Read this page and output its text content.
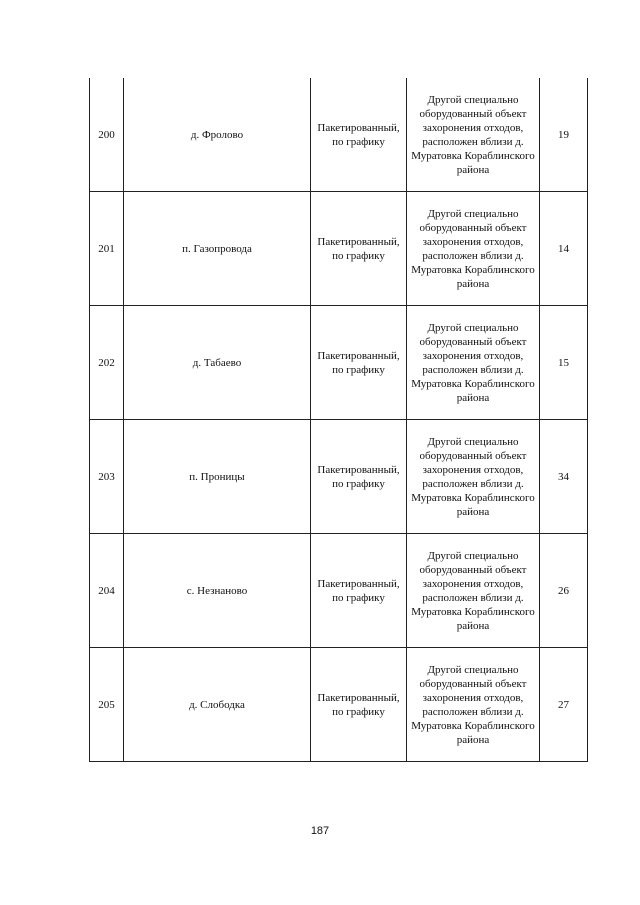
200	д. Фролово	Пакетированный, по графику	Другой специально оборудованный объект захоронения отходов, расположен вблизи д. Муратовка Кораблинского района	19
201	п. Газопровода	Пакетированный, по графику	Другой специально оборудованный объект захоронения отходов, расположен вблизи д. Муратовка Кораблинского района	14
202	д. Табаево	Пакетированный, по графику	Другой специально оборудованный объект захоронения отходов, расположен вблизи д. Муратовка Кораблинского района	15
203	п. Проницы	Пакетированный, по графику	Другой специально оборудованный объект захоронения отходов, расположен вблизи д. Муратовка Кораблинского района	34
204	с. Незнаново	Пакетированный, по графику	Другой специально оборудованный объект захоронения отходов, расположен вблизи д. Муратовка Кораблинского района	26
205	д. Слободка	Пакетированный, по графику	Другой специально оборудованный объект захоронения отходов, расположен вблизи д. Муратовка Кораблинского района	27
187
